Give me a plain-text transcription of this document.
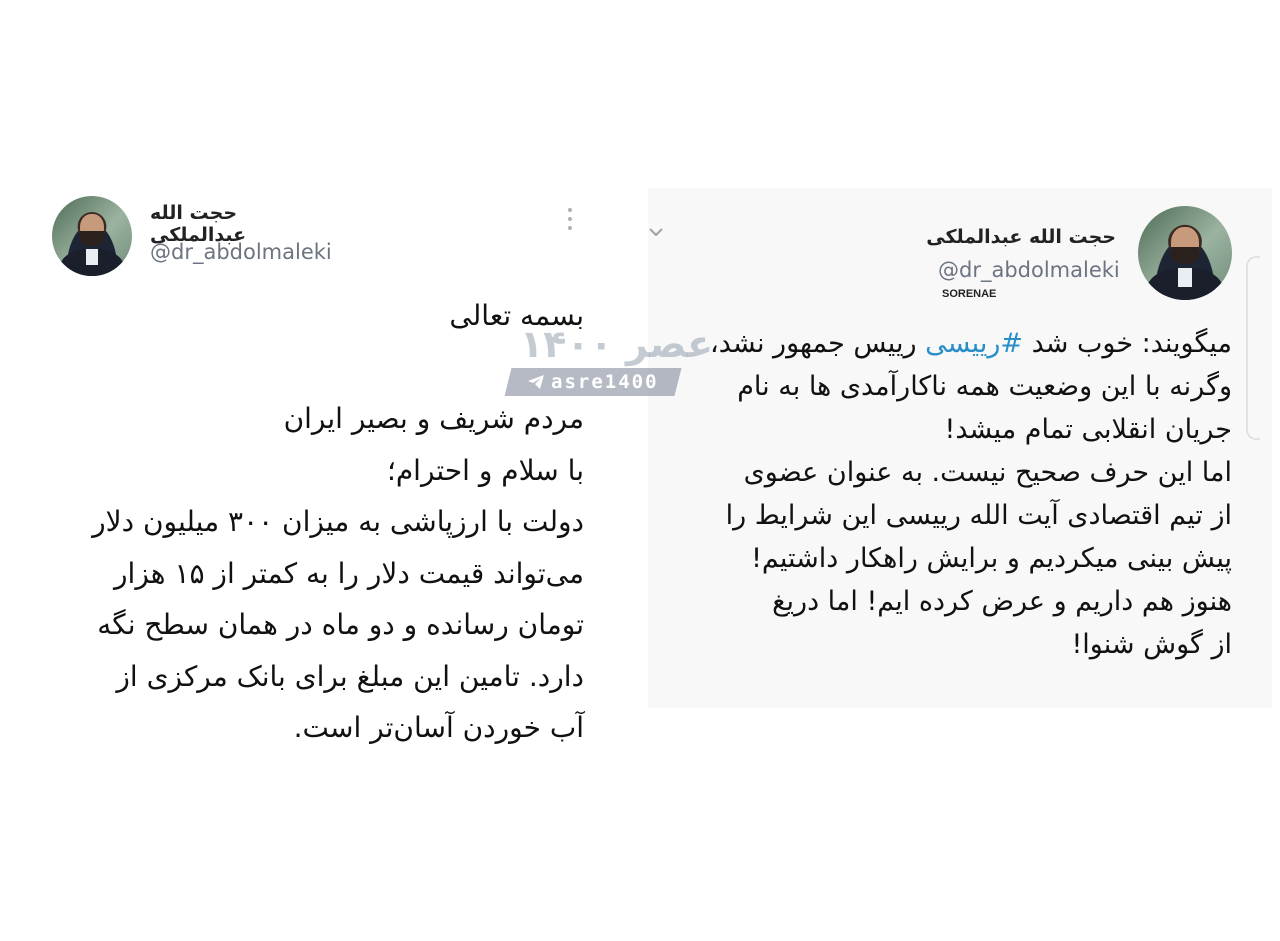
حجت الله عبدالملکی
@dr_abdolmaleki
بسمه تعالی
مردم شریف و بصیر ایران
با سلام و احترام؛
دولت با ارزپاشی به میزان ۳۰۰ میلیون دلار
می‌تواند قیمت دلار را به کمتر از ۱۵ هزار
تومان رسانده و دو ماه در همان سطح نگه
دارد. تامین این مبلغ برای بانک مرکزی از
آب خوردن آسان‌تر است.
حجت الله عبدالملکی
@dr_abdolmaleki
SORENAE
میگویند: خوب شد #رییسی رییس جمهور نشد،
وگرنه با این وضعیت همه ناکارآمدی ها به نام
جریان انقلابی تمام میشد!
اما این حرف صحیح نیست. به عنوان عضوی
از تیم اقتصادی آیت الله رییسی این شرایط را
پیش بینی میکردیم و برایش راهکار داشتیم!
هنوز هم داریم و عرض کرده ایم! اما دریغ
از گوش شنوا!
عصر ۱۴۰۰
asre1400
